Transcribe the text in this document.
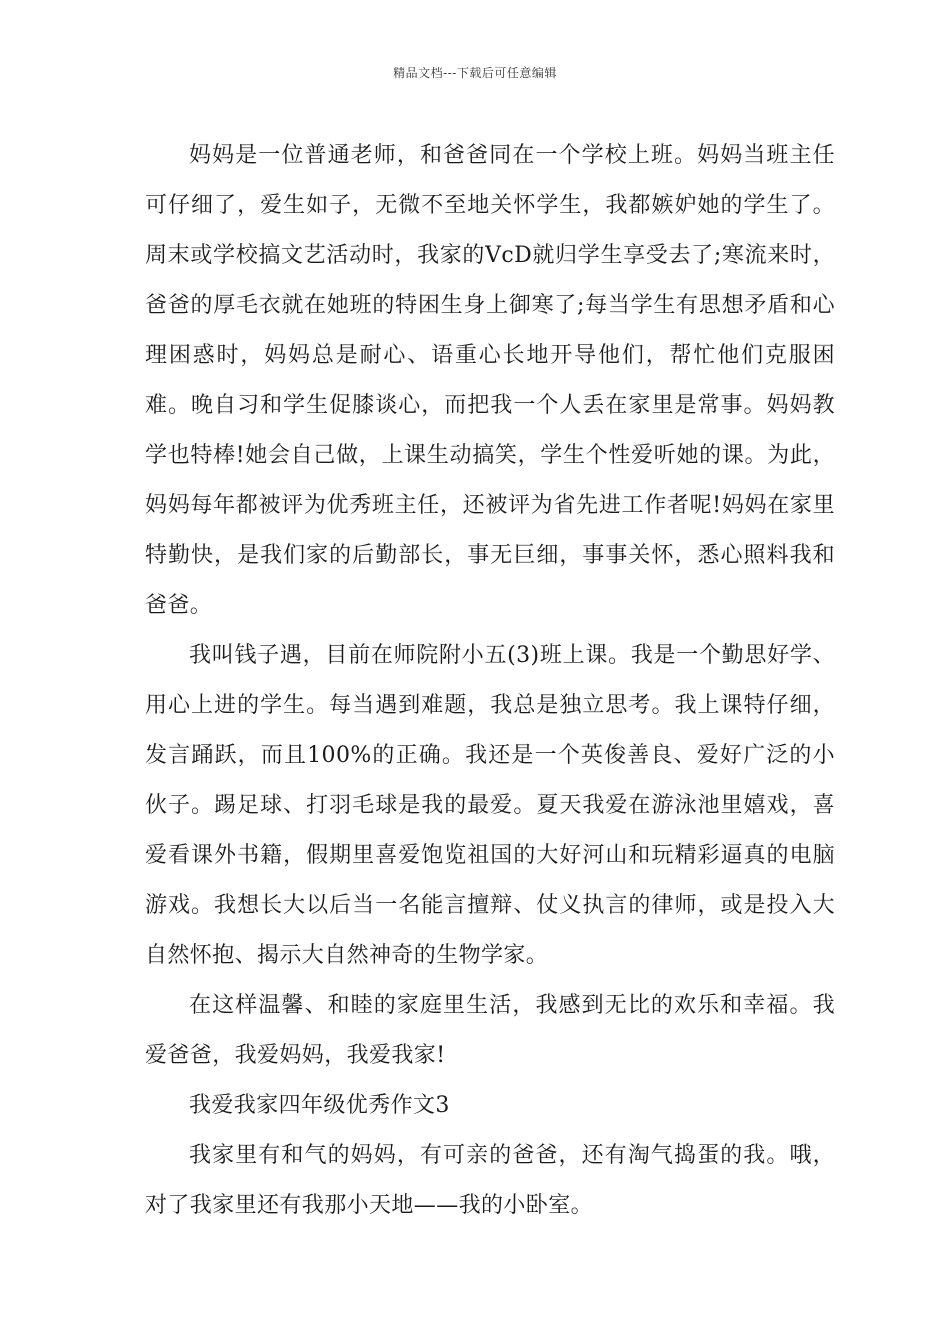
精品文档---下载后可任意编辑

妈妈是一位普通老师，和爸爸同在一个学校上班。妈妈当班主任可仔细了，爱生如子，无微不至地关怀学生，我都嫉妒她的学生了。周末或学校搞文艺活动时，我家的VcD就归学生享受去了;寒流来时，爸爸的厚毛衣就在她班的特困生身上御寒了;每当学生有思想矛盾和心理困惑时，妈妈总是耐心、语重心长地开导他们，帮忙他们克服困难。晚自习和学生促膝谈心，而把我一个人丢在家里是常事。妈妈教学也特棒!她会自己做，上课生动搞笑，学生个性爱听她的课。为此，妈妈每年都被评为优秀班主任，还被评为省先进工作者呢!妈妈在家里特勤快，是我们家的后勤部长，事无巨细，事事关怀，悉心照料我和爸爸。

我叫钱子遇，目前在师院附小五(3)班上课。我是一个勤思好学、用心上进的学生。每当遇到难题，我总是独立思考。我上课特仔细，发言踊跃，而且100%的正确。我还是一个英俊善良、爱好广泛的小伙子。踢足球、打羽毛球是我的最爱。夏天我爱在游泳池里嬉戏，喜爱看课外书籍，假期里喜爱饱览祖国的大好河山和玩精彩逼真的电脑游戏。我想长大以后当一名能言擅辩、仗义执言的律师，或是投入大自然怀抱、揭示大自然神奇的生物学家。

在这样温馨、和睦的家庭里生活，我感到无比的欢乐和幸福。我爱爸爸，我爱妈妈，我爱我家!

我爱我家四年级优秀作文3

我家里有和气的妈妈，有可亲的爸爸，还有淘气捣蛋的我。哦，对了我家里还有我那小天地——我的小卧室。
